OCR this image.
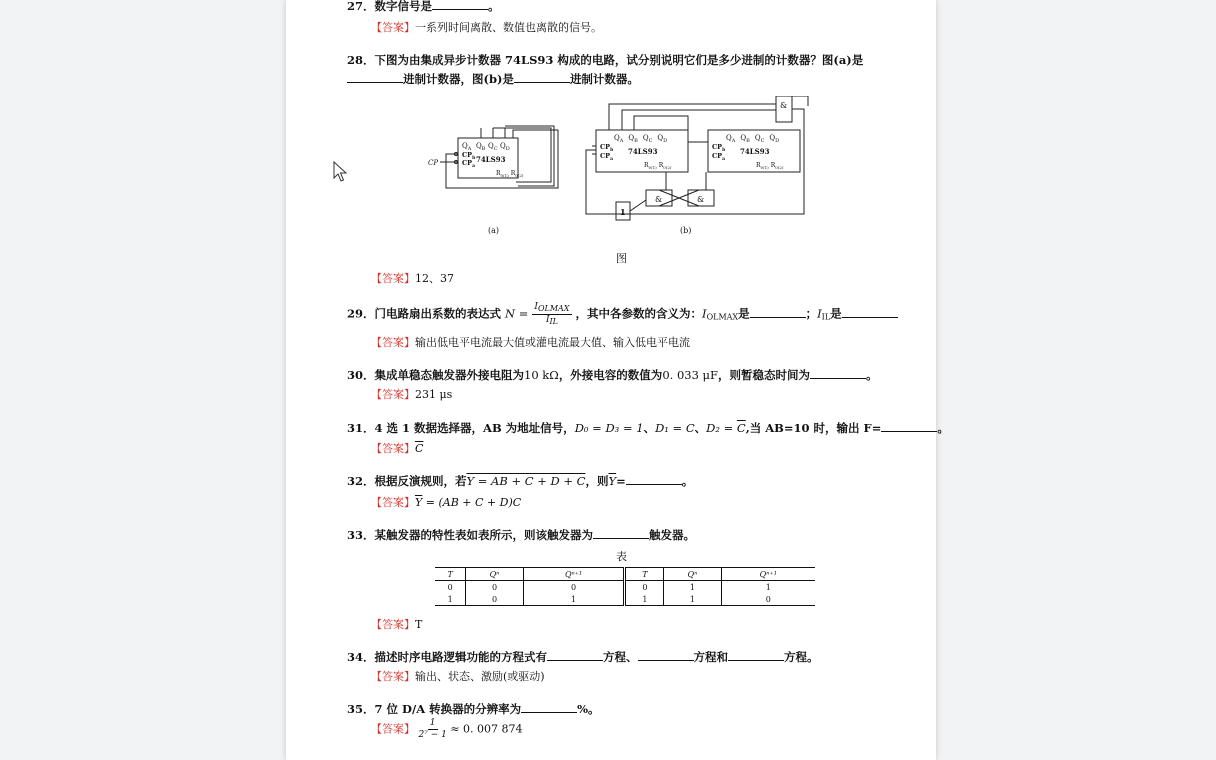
27．数字信号是	。
【答案】一系列时间离散、数值也离散的信号。
28．下图为由集成异步计数器 74LS93 构成的电路，试分别说明它们是多少进制的计数器？图(a)是
进制计数器，图(b)是	进制计数器。
$Q_A$ $Q_B$ $Q_C$ $Q_D$
$CP_b$
$CP_a$
74LS93
$R_{0(1)}$ $R_{0(2)}$
CP
(a)
$Q_A$ $Q_B$ $Q_C$ $Q_D$	$Q_A$ $Q_B$ $Q_C$ $Q_D$
$CP_b$
$CP_a$
$CP_b$
$CP_a$
74LS93	74LS93
$R_{0(1)}$ $R_{0(2)}$	$R_{0(1)}$ $R_{0(2)}$
&
&	&
1
(b)
图
【答案】12、37
29．门电路扇出系数的表达式 $N = \frac{\text{IOLMAX}}{\text{IIL}}$ ，其中各参数的含义为：$I_{OLMAX}$是	；$I_{IL}$是
【答案】输出低电平电流最大值或灌电流最大值、输入低电平电流
30．集成单稳态触发器外接电阻为10 kΩ，外接电容的数值为0. 033 μF，则暂稳态时间为	。
【答案】231 μs
31．4 选 1 数据选择器，AB 为地址信号，D₀ = D₃ = 1、D₁ = C、$D_2 = \overline{C}$,当 AB=10 时，输出 F=	。
【答案】$\overline{C}$
32．根据反演规则，若Y = AB + C + D + C，则$\overline{Y}=$	。
【答案】$\overline{Y} = (AB + C + D)C$
33．某触发器的特性表如表所示，则该触发器为	触发器。
表
T	Qⁿ	Qⁿ⁺¹	T	Qⁿ	Qⁿ⁺¹
0	0	0	0	1	1
1	0	1	1	1	0
【答案】T
34．描述时序电路逻辑功能的方程式有	方程、	方程和	方程。
【答案】输出、状态、激励(或驱动)
35．7 位 D/A 转换器的分辨率为	%。
【答案】 $\frac{1}{\text{2⁷ − 1}} \approx 0$. 007 874
